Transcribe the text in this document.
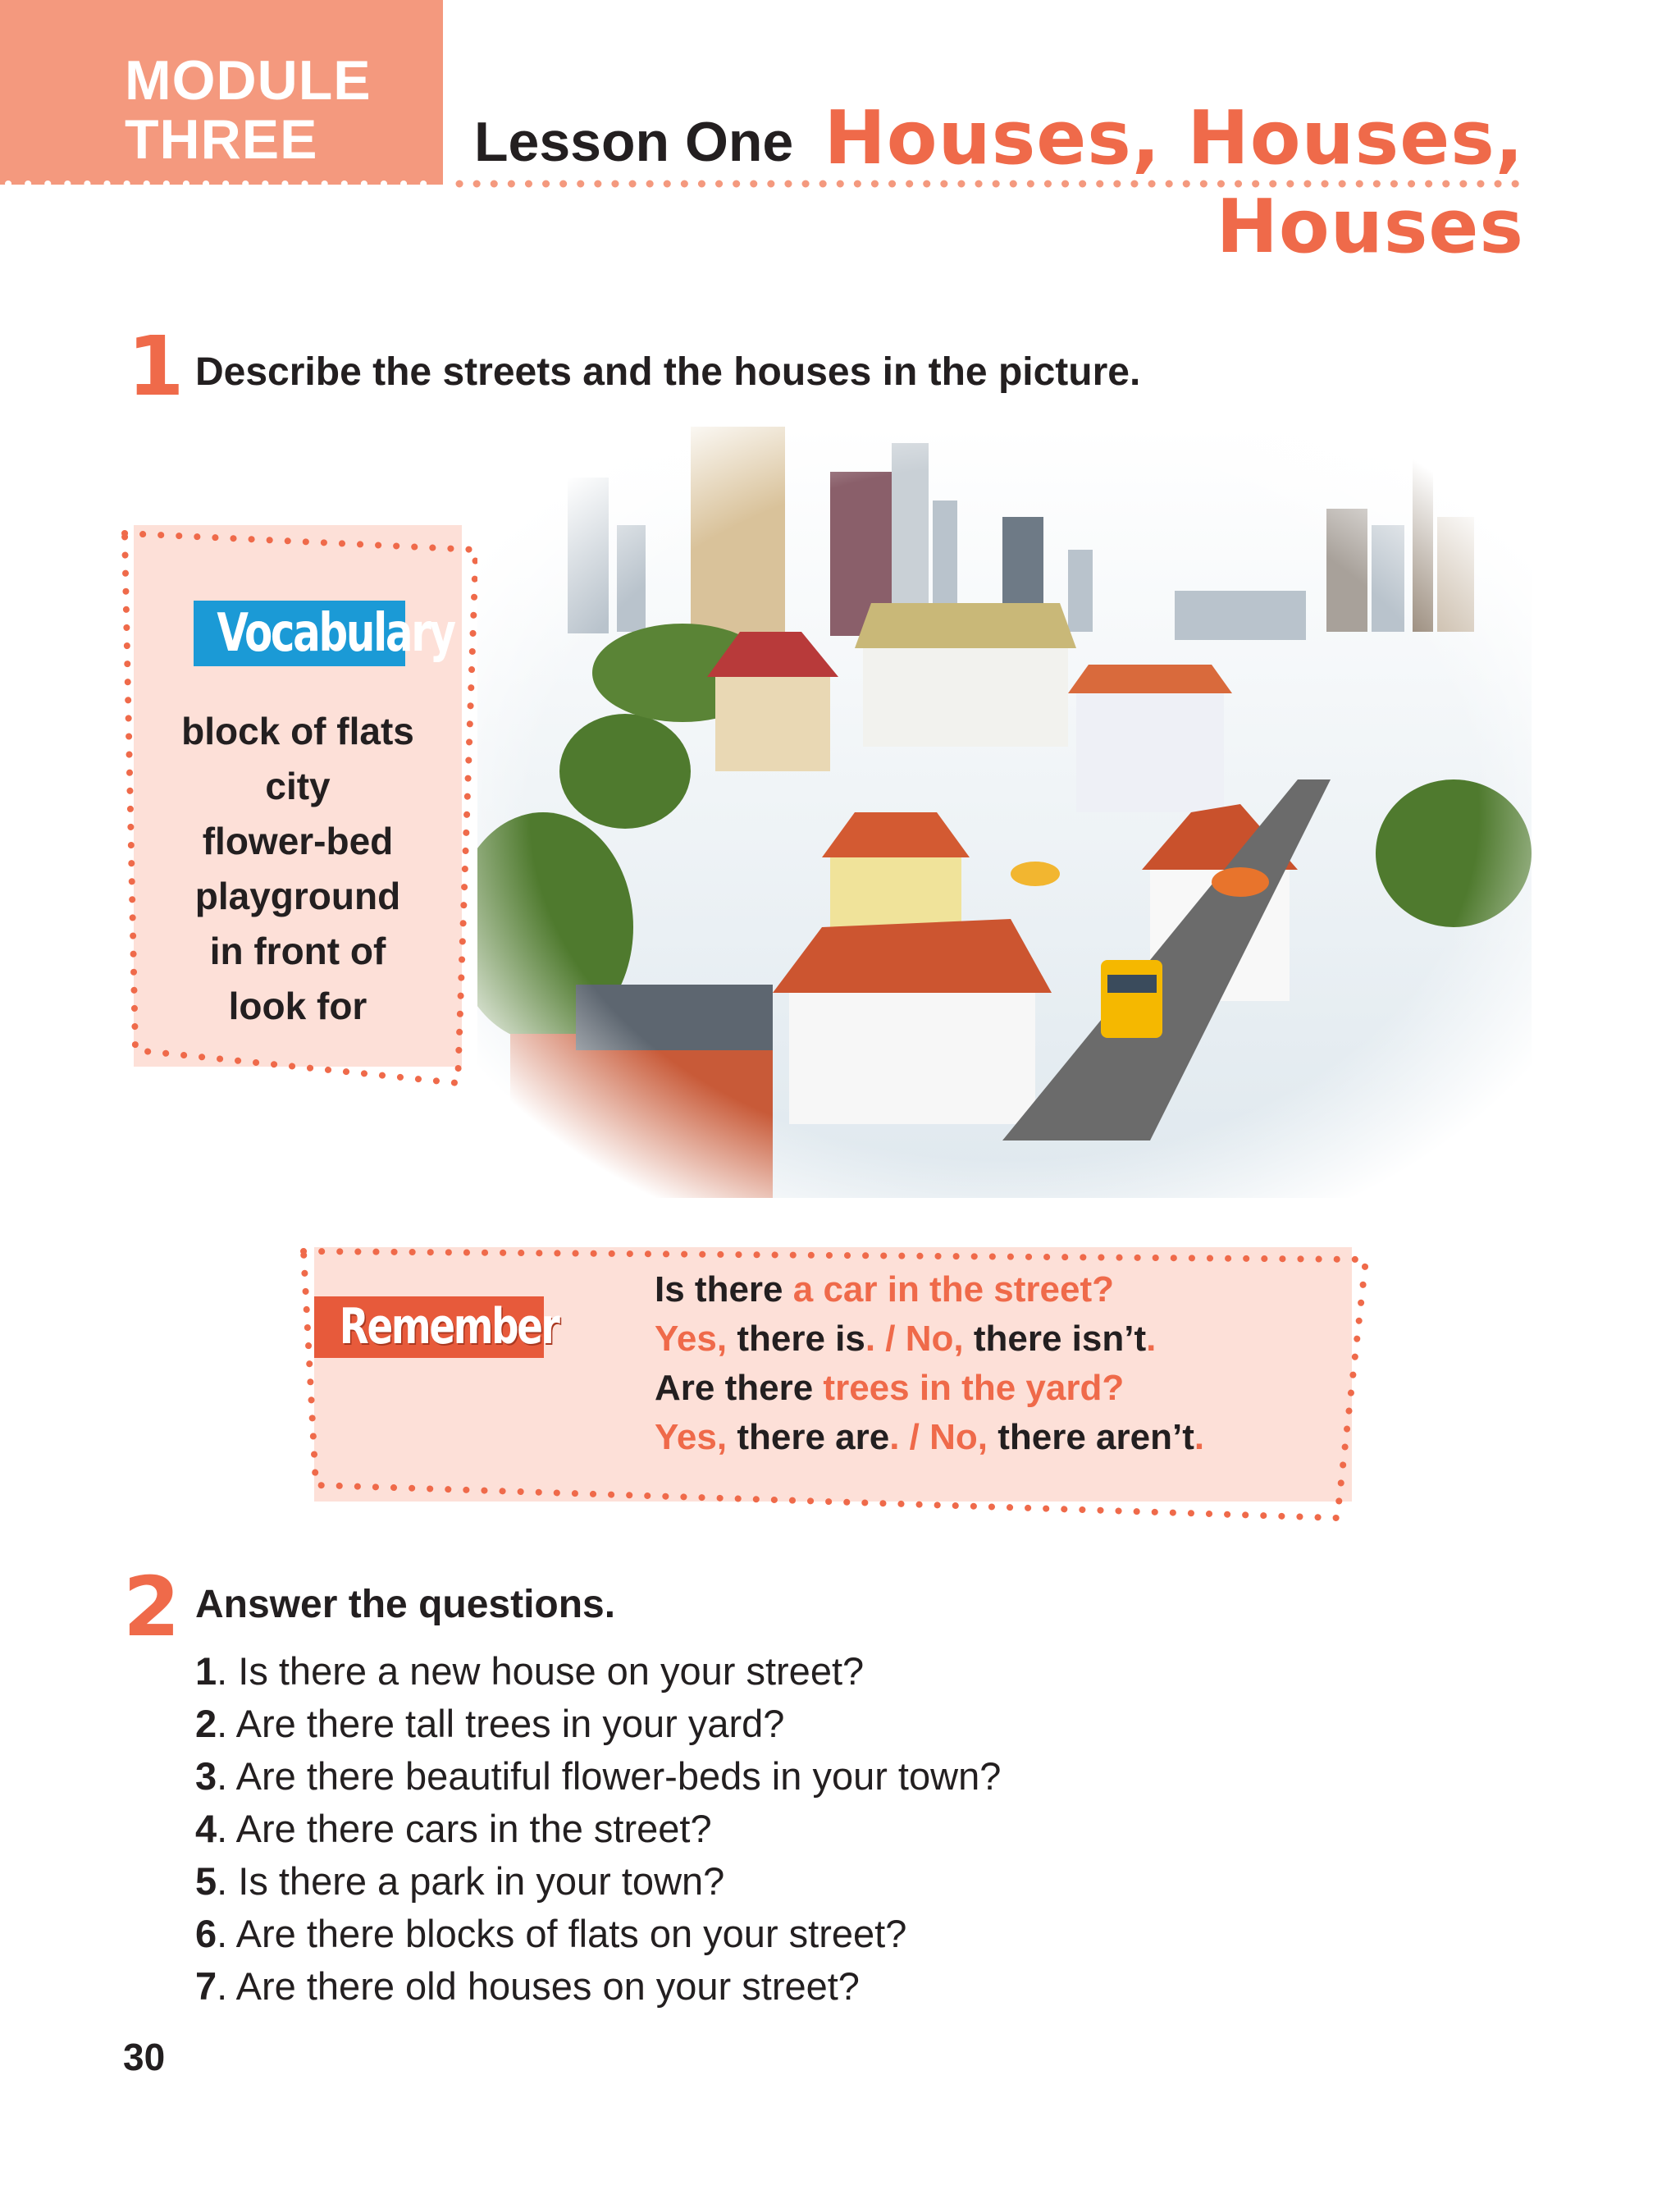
MODULE
THREE	Lesson One Houses, Houses,
Houses
1 Describe the streets and the houses in the picture.
Vocabulary
block of flats
city
flower-bed
playground
in front of
look for
Remember
Is there a car in the street?
Yes, there is. / No, there isn’t.
Are there trees in the yard?
Yes, there are. / No, there aren’t.
2 Answer the questions.
1. Is there a new house on your street?
2. Are there tall trees in your yard?
3. Are there beautiful flower-beds in your town?
4. Are there cars in the street?
5. Is there a park in your town?
6. Are there blocks of flats on your street?
7. Are there old houses on your street?
30
